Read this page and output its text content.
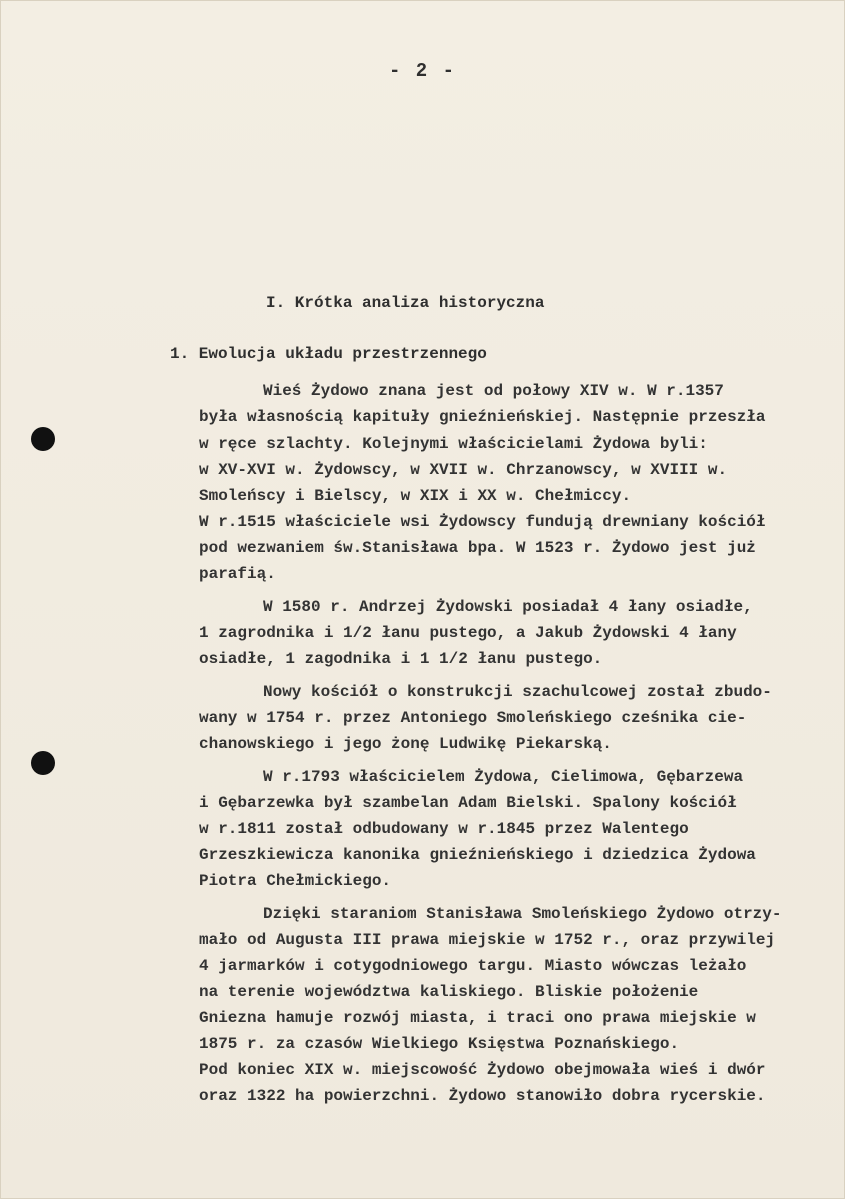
- 2 -
I. Krótka analiza historyczna
1. Ewolucja układu przestrzennego
Wieś Żydowo znana jest od połowy XIV w. W r.1357
była własnością kapituły gnieźnieńskiej. Następnie przeszła
w ręce szlachty. Kolejnymi właścicielami Żydowa byli:
w XV-XVI w. Żydowscy, w XVII w. Chrzanowscy, w XVIII w.
Smoleńscy i Bielscy, w XIX i XX w. Chełmiccy.
W r.1515 właściciele wsi Żydowscy fundują drewniany kościół
pod wezwaniem św.Stanisława bpa. W 1523 r. Żydowo jest już
parafią.
W 1580 r. Andrzej Żydowski posiadał 4 łany osiadłe,
1 zagrodnika i 1/2 łanu pustego, a Jakub Żydowski 4 łany
osiadłe, 1 zagodnika i 1 1/2 łanu pustego.
Nowy kościół o konstrukcji szachulcowej został zbudo-
wany w 1754 r. przez Antoniego Smoleńskiego cześnika cie-
chanowskiego i jego żonę Ludwikę Piekarską.
W r.1793 właścicielem Żydowa, Cielimowa, Gębarzewa
i Gębarzewka był szambelan Adam Bielski. Spalony kościół
w r.1811 został odbudowany w r.1845 przez Walentego
Grzeszkiewicza kanonika gnieźnieńskiego i dziedzica Żydowa
Piotra Chełmickiego.
Dzięki staraniom Stanisława Smoleńskiego Żydowo otrzy-
mało od Augusta III prawa miejskie w 1752 r., oraz przywilej
4 jarmarków i cotygodniowego targu. Miasto wówczas leżało
na terenie województwa kaliskiego. Bliskie położenie
Gniezna hamuje rozwój miasta, i traci ono prawa miejskie w
1875 r. za czasów Wielkiego Księstwa Poznańskiego.
Pod koniec XIX w. miejscowość Żydowo obejmowała wieś i dwór
oraz 1322 ha powierzchni. Żydowo stanowiło dobra rycerskie.
